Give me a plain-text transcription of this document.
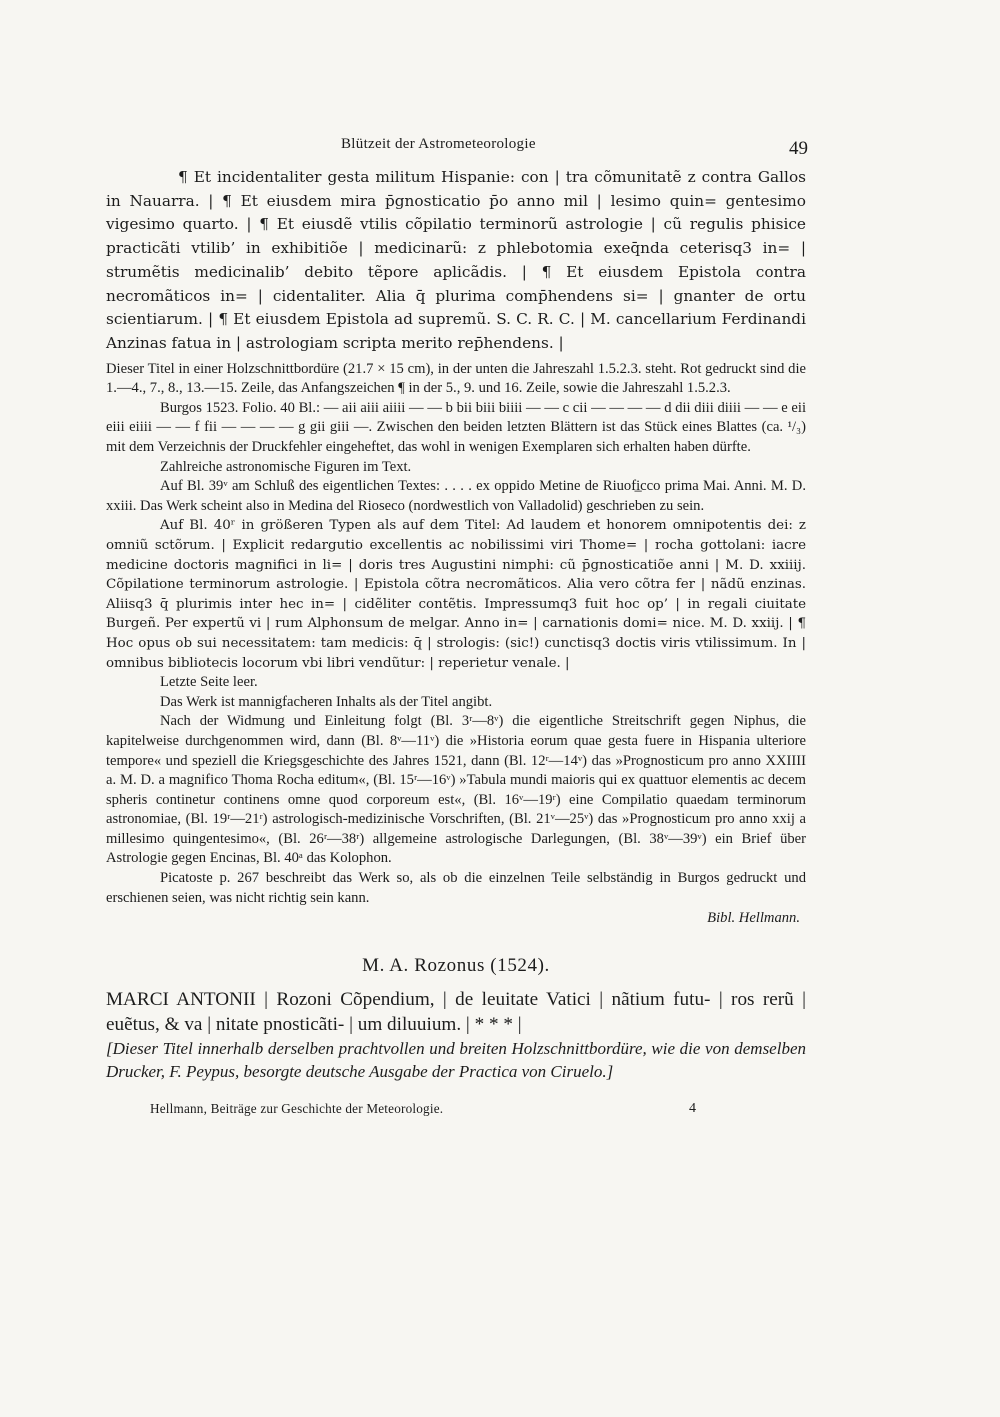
Blützeit der Astrometeorologie	49

¶ Et incidentaliter gesta militum Hispanie: con | tra cõmunitatẽ z contra Gallos in Nauarra. | ¶ Et eiusdem mira p̄gnosticatio p̄o anno mil | lesimo quin= gentesimo vigesimo quarto. | ¶ Et eiusdẽ vtilis cõpilatio terminorũ astrologie | cũ regulis phisice practicãti vtilib’ in exhibitiõe | medicinarũ: z phlebotomia exeq̄nda ceterisq3 in= | strumẽtis medicinalib’ debito tẽpore aplicãdis. | ¶ Et eiusdem Epistola contra necromãticos in= | cidentaliter. Alia q̄ plurima comp̄hendens si= | gnanter de ortu scientiarum. | ¶ Et eiusdem Epistola ad supremũ. S. C. R. C. | M. cancellarium Ferdinandi Anzinas fatua in | astrologiam scripta merito rep̄hendens. |

Dieser Titel in einer Holzschnittbordüre (21.7 × 15 cm), in der unten die Jahreszahl 1.5.2.3. steht. Rot gedruckt sind die 1.—4., 7., 8., 13.—15. Zeile, das Anfangszeichen ¶ in der 5., 9. und 16. Zeile, sowie die Jahreszahl 1.5.2.3.

Burgos 1523. Folio. 40 Bl.: — aii aiii aiiii — — b bii biii biiii — — c cii — — — — d dii diii diiii — — e eii eiii eiiii — — f fii — — — — g gii giii —. Zwischen den beiden letzten Blättern ist das Stück eines Blattes (ca. ¹/₃) mit dem Verzeichnis der Druckfehler eingeheftet, das wohl in wenigen Exemplaren sich erhalten haben dürfte.

Zahlreiche astronomische Figuren im Text.

Auf Bl. 39ᵛ am Schluß des eigentlichen Textes: . . . . ex oppido Metine de Riuofi̲cco prima Mai. Anni. M. D. xxiii. Das Werk scheint also in Medina del Rioseco (nordwestlich von Valladolid) geschrieben zu sein.

Auf Bl. 40ʳ in größeren Typen als auf dem Titel: Ad laudem et honorem omnipotentis dei: z omniũ sctõrum. | Explicit redargutio excellentis ac nobilissimi viri Thome= | rocha gottolani: iacre medicine doctoris magnifici in li= | doris tres Augustini nimphi: cũ p̄gnosticatiõe anni | M. D. xxiiij. Cõpilatione terminorum astrologie. | Epistola cõtra necromãticos. Alia vero cõtra fer | nãdũ enzinas. Aliisq3 q̄ plurimis inter hec in= | cidẽliter contẽtis. Impressumq3 fuit hoc op’ | in regali ciuitate Burgeñ. Per expertũ vi | rum Alphonsum de melgar. Anno in= | carnationis domi= nice. M. D. xxiij. | ¶ Hoc opus ob sui necessitatem: tam medicis: q̄ | strologis: (sic!) cunctisq3 doctis viris vtilissimum. In | omnibus bibliotecis locorum vbi libri vendũtur: | reperietur venale. |

Letzte Seite leer.

Das Werk ist mannigfacheren Inhalts als der Titel angibt.

Nach der Widmung und Einleitung folgt (Bl. 3ʳ—8ᵛ) die eigentliche Streitschrift gegen Niphus, die kapitelweise durchgenommen wird, dann (Bl. 8ᵛ—11ᵛ) die »Historia eorum quae gesta fuere in Hispania ulteriore tempore« und speziell die Kriegsgeschichte des Jahres 1521, dann (Bl. 12ʳ—14ᵛ) das »Prognosticum pro anno XXIIII a. M. D. a magnifico Thoma Rocha editum«, (Bl. 15ʳ—16ᵛ) »Tabula mundi maioris qui ex quattuor elementis ac decem spheris continetur continens omne quod corporeum est«, (Bl. 16ᵛ—19ʳ) eine Compilatio quaedam terminorum astronomiae, (Bl. 19ʳ—21ʳ) astrologisch-medizinische Vorschriften, (Bl. 21ᵛ—25ᵛ) das »Prognosticum pro anno xxij a millesimo quingentesimo«, (Bl. 26ʳ—38ʳ) allgemeine astrologische Darlegungen, (Bl. 38ᵛ—39ᵛ) ein Brief über Astrologie gegen Encinas, Bl. 40ᵃ das Kolophon.

Picatoste p. 267 beschreibt das Werk so, als ob die einzelnen Teile selbständig in Burgos gedruckt und erschienen seien, was nicht richtig sein kann.

Bibl. Hellmann.
M. A. Rozonus (1524).

MARCI ANTONII | Rozoni Cõpendium, | de leuitate Vatici | nãtium futu- | ros rerũ | euẽtus, & va | nitate pnosticãti- | um diluuium. | * * * |

[Dieser Titel innerhalb derselben prachtvollen und breiten Holzschnittbordüre, wie die von demselben Drucker, F. Peypus, besorgte deutsche Ausgabe der Practica von Ciruelo.]

Hellmann, Beiträge zur Geschichte der Meteorologie.	4
